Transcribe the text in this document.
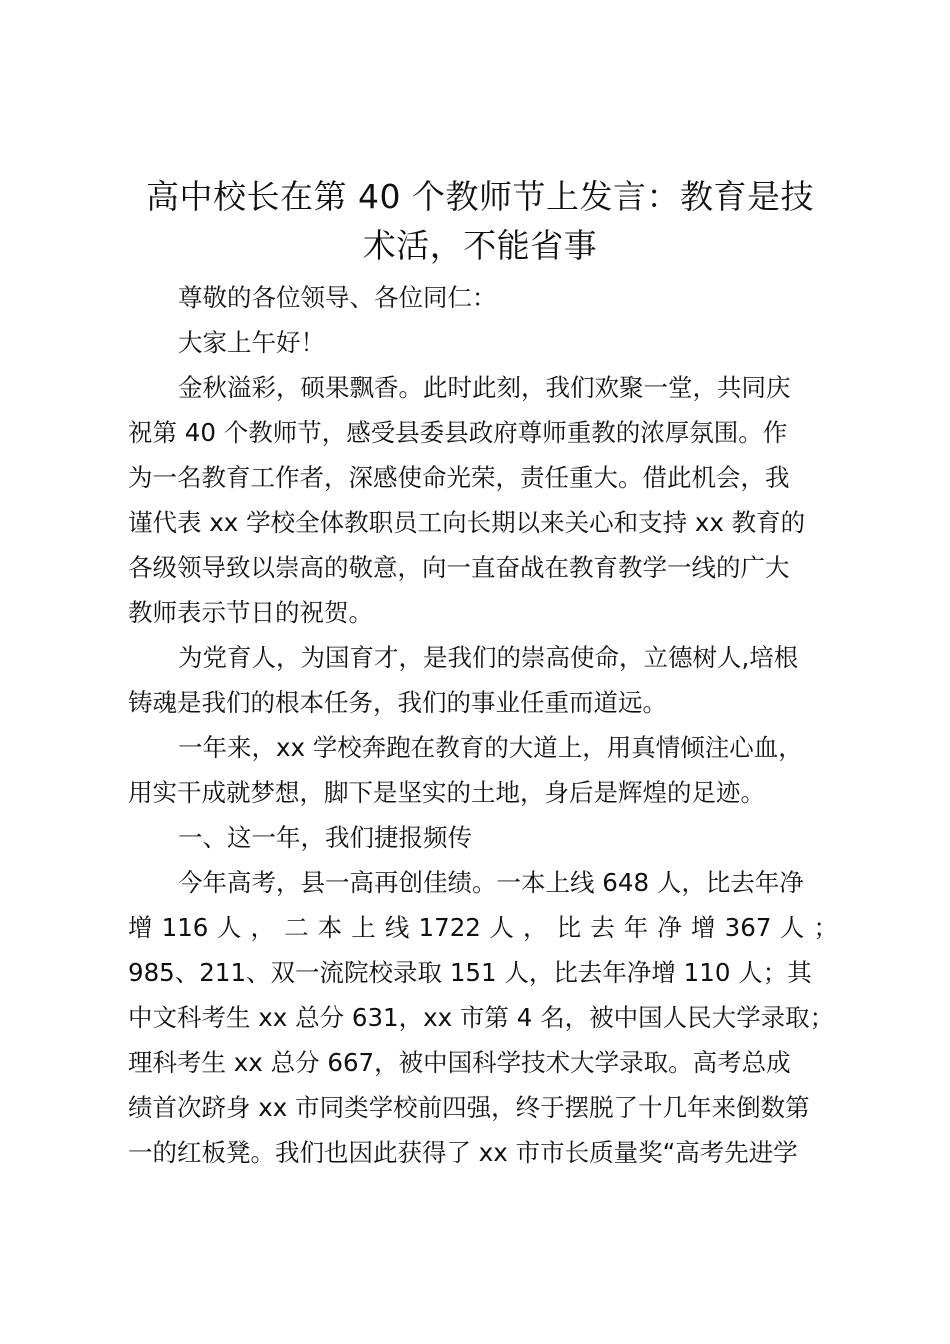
高中校长在第 40 个教师节上发言：教育是技
术活，不能省事

尊敬的各位领导、各位同仁：

大家上午好！

金秋溢彩，硕果飘香。此时此刻，我们欢聚一堂，共同庆

祝第 40 个教师节，感受县委县政府尊师重教的浓厚氛围。作

为一名教育工作者，深感使命光荣，责任重大。借此机会，我

谨代表 xx 学校全体教职员工向长期以来关心和支持 xx 教育的

各级领导致以崇高的敬意，向一直奋战在教育教学一线的广大

教师表示节日的祝贺。

为党育人，为国育才，是我们的崇高使命，立德树人,培根

铸魂是我们的根本任务，我们的事业任重而道远。

一年来，xx 学校奔跑在教育的大道上，用真情倾注心血，

用实干成就梦想，脚下是坚实的土地，身后是辉煌的足迹。

一、这一年，我们捷报频传

今年高考，县一高再创佳绩。一本上线 648 人，比去年净

增 116 人 ， 二 本 上 线 1722 人 ， 比 去 年 净 增 367 人 ；

985、211、双一流院校录取 151 人，比去年净增 110 人；其

中文科考生 xx 总分 631，xx 市第 4 名，被中国人民大学录取；

理科考生 xx 总分 667，被中国科学技术大学录取。高考总成

绩首次跻身 xx 市同类学校前四强，终于摆脱了十几年来倒数第

一的红板凳。我们也因此获得了 xx 市市长质量奖“高考先进学
